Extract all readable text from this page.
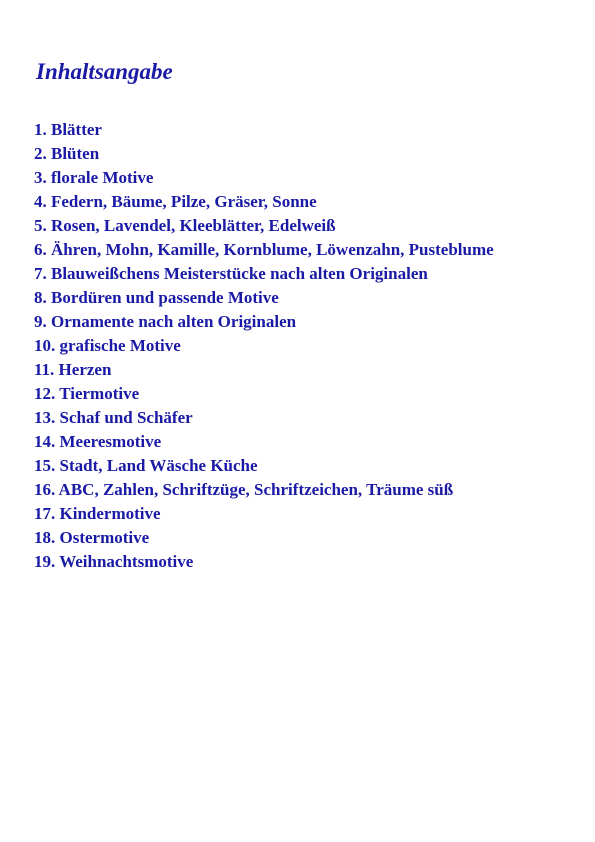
Inhaltsangabe
1. Blätter
2. Blüten
3. florale Motive
4. Federn, Bäume, Pilze, Gräser, Sonne
5. Rosen, Lavendel, Kleeblätter, Edelweiß
6. Ähren, Mohn, Kamille, Kornblume, Löwenzahn, Pusteblume
7. Blauweißchens Meisterstücke nach alten Originalen
8. Bordüren und passende Motive
9. Ornamente nach alten Originalen
10. grafische Motive
11. Herzen
12. Tiermotive
13. Schaf und Schäfer
14. Meeresmotive
15. Stadt, Land Wäsche Küche
16. ABC, Zahlen, Schriftzüge, Schriftzeichen, Träume süß
17. Kindermotive
18. Ostermotive
19. Weihnachtsmotive
